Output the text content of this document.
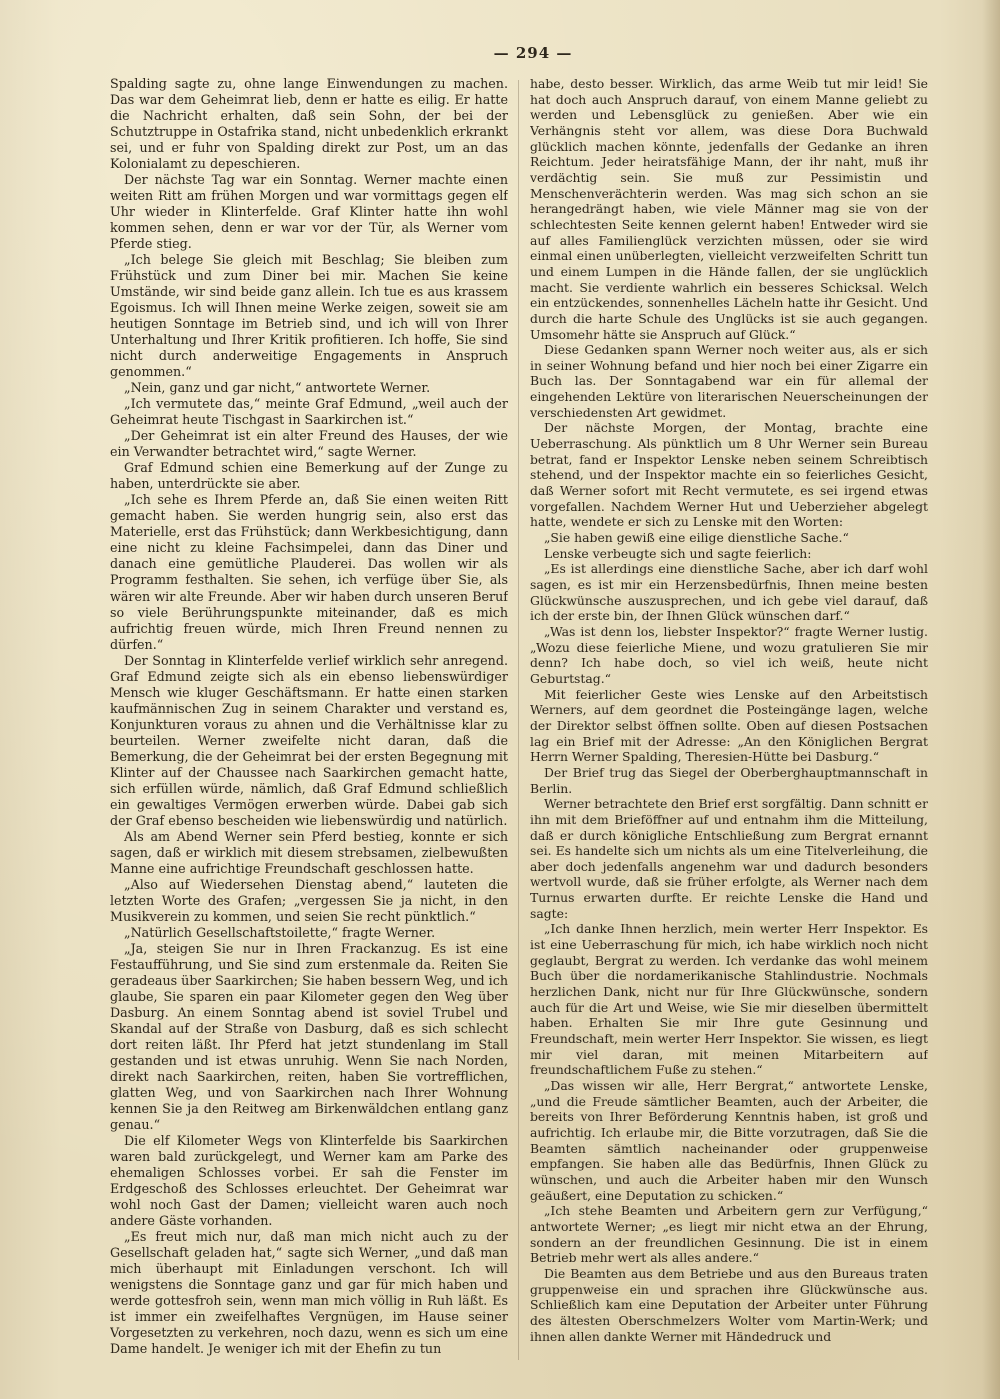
— 294 —

Spalding sagte zu, ohne lange Einwendungen zu machen. Das war dem Geheimrat lieb, denn er hatte es eilig. Er hatte die Nachricht erhalten, daß sein Sohn, der bei der Schutztruppe in Ostafrika stand, nicht unbedenklich erkrankt sei, und er fuhr von Spalding direkt zur Post, um an das Kolonialamt zu depeschieren.

Der nächste Tag war ein Sonntag. Werner machte einen weiten Ritt am frühen Morgen und war vormittags gegen elf Uhr wieder in Klinterfelde. Graf Klinter hatte ihn wohl kommen sehen, denn er war vor der Tür, als Werner vom Pferde stieg.

„Ich belege Sie gleich mit Beschlag; Sie bleiben zum Frühstück und zum Diner bei mir. Machen Sie keine Umstände, wir sind beide ganz allein. Ich tue es aus krassem Egoismus. Ich will Ihnen meine Werke zeigen, soweit sie am heutigen Sonntage im Betrieb sind, und ich will von Ihrer Unterhaltung und Ihrer Kritik profitieren. Ich hoffe, Sie sind nicht durch anderweitige Engagements in Anspruch genommen.“

„Nein, ganz und gar nicht,“ antwortete Werner.

„Ich vermutete das,“ meinte Graf Edmund, „weil auch der Geheimrat heute Tischgast in Saarkirchen ist.“

„Der Geheimrat ist ein alter Freund des Hauses, der wie ein Verwandter betrachtet wird,“ sagte Werner.

Graf Edmund schien eine Bemerkung auf der Zunge zu haben, unterdrückte sie aber.

„Ich sehe es Ihrem Pferde an, daß Sie einen weiten Ritt gemacht haben. Sie werden hungrig sein, also erst das Materielle, erst das Frühstück; dann Werkbesichtigung, dann eine nicht zu kleine Fachsimpelei, dann das Diner und danach eine gemütliche Plauderei. Das wollen wir als Programm festhalten. Sie sehen, ich verfüge über Sie, als wären wir alte Freunde. Aber wir haben durch unseren Beruf so viele Berührungspunkte miteinander, daß es mich aufrichtig freuen würde, mich Ihren Freund nennen zu dürfen.“

Der Sonntag in Klinterfelde verlief wirklich sehr anregend. Graf Edmund zeigte sich als ein ebenso liebenswürdiger Mensch wie kluger Geschäftsmann. Er hatte einen starken kaufmännischen Zug in seinem Charakter und verstand es, Konjunkturen voraus zu ahnen und die Verhältnisse klar zu beurteilen. Werner zweifelte nicht daran, daß die Bemerkung, die der Geheimrat bei der ersten Begegnung mit Klinter auf der Chaussee nach Saarkirchen gemacht hatte, sich erfüllen würde, nämlich, daß Graf Edmund schließlich ein gewaltiges Vermögen erwerben würde. Dabei gab sich der Graf ebenso bescheiden wie liebenswürdig und natürlich.

Als am Abend Werner sein Pferd bestieg, konnte er sich sagen, daß er wirklich mit diesem strebsamen, zielbewußten Manne eine aufrichtige Freundschaft geschlossen hatte.

„Also auf Wiedersehen Dienstag abend,“ lauteten die letzten Worte des Grafen; „vergessen Sie ja nicht, in den Musikverein zu kommen, und seien Sie recht pünktlich.“

„Natürlich Gesellschaftstoilette,“ fragte Werner.

„Ja, steigen Sie nur in Ihren Frackanzug. Es ist eine Festaufführung, und Sie sind zum erstenmale da. Reiten Sie geradeaus über Saarkirchen; Sie haben bessern Weg, und ich glaube, Sie sparen ein paar Kilometer gegen den Weg über Dasburg. An einem Sonntag abend ist soviel Trubel und Skandal auf der Straße von Dasburg, daß es sich schlecht dort reiten läßt. Ihr Pferd hat jetzt stundenlang im Stall gestanden und ist etwas unruhig. Wenn Sie nach Norden, direkt nach Saarkirchen, reiten, haben Sie vortrefflichen, glatten Weg, und von Saarkirchen nach Ihrer Wohnung kennen Sie ja den Reitweg am Birkenwäldchen entlang ganz genau.“

Die elf Kilometer Wegs von Klinterfelde bis Saarkirchen waren bald zurückgelegt, und Werner kam am Parke des ehemaligen Schlosses vorbei. Er sah die Fenster im Erdgeschoß des Schlosses erleuchtet. Der Geheimrat war wohl noch Gast der Damen; vielleicht waren auch noch andere Gäste vorhanden.

„Es freut mich nur, daß man mich nicht auch zu der Gesellschaft geladen hat,“ sagte sich Werner, „und daß man mich überhaupt mit Einladungen verschont. Ich will wenigstens die Sonntage ganz und gar für mich haben und werde gottesfroh sein, wenn man mich völlig in Ruh läßt. Es ist immer ein zweifelhaftes Vergnügen, im Hause seiner Vorgesetzten zu verkehren, noch dazu, wenn es sich um eine Dame handelt. Je weniger ich mit der Ehefin zu tun

habe, desto besser. Wirklich, das arme Weib tut mir leid! Sie hat doch auch Anspruch darauf, von einem Manne geliebt zu werden und Lebensglück zu genießen. Aber wie ein Verhängnis steht vor allem, was diese Dora Buchwald glücklich machen könnte, jedenfalls der Gedanke an ihren Reichtum. Jeder heiratsfähige Mann, der ihr naht, muß ihr verdächtig sein. Sie muß zur Pessimistin und Menschenverächterin werden. Was mag sich schon an sie herangedrängt haben, wie viele Männer mag sie von der schlechtesten Seite kennen gelernt haben! Entweder wird sie auf alles Familienglück verzichten müssen, oder sie wird einmal einen unüberlegten, vielleicht verzweifelten Schritt tun und einem Lumpen in die Hände fallen, der sie unglücklich macht. Sie verdiente wahrlich ein besseres Schicksal. Welch ein entzückendes, sonnenhelles Lächeln hatte ihr Gesicht. Und durch die harte Schule des Unglücks ist sie auch gegangen. Umsomehr hätte sie Anspruch auf Glück.“

Diese Gedanken spann Werner noch weiter aus, als er sich in seiner Wohnung befand und hier noch bei einer Zigarre ein Buch las. Der Sonntagabend war ein für allemal der eingehenden Lektüre von literarischen Neuerscheinungen der verschiedensten Art gewidmet.

Der nächste Morgen, der Montag, brachte eine Ueberraschung. Als pünktlich um 8 Uhr Werner sein Bureau betrat, fand er Inspektor Lenske neben seinem Schreibtisch stehend, und der Inspektor machte ein so feierliches Gesicht, daß Werner sofort mit Recht vermutete, es sei irgend etwas vorgefallen. Nachdem Werner Hut und Ueberzieher abgelegt hatte, wendete er sich zu Lenske mit den Worten:

„Sie haben gewiß eine eilige dienstliche Sache.“

Lenske verbeugte sich und sagte feierlich:

„Es ist allerdings eine dienstliche Sache, aber ich darf wohl sagen, es ist mir ein Herzensbedürfnis, Ihnen meine besten Glückwünsche auszusprechen, und ich gebe viel darauf, daß ich der erste bin, der Ihnen Glück wünschen darf.“

„Was ist denn los, liebster Inspektor?“ fragte Werner lustig. „Wozu diese feierliche Miene, und wozu gratulieren Sie mir denn? Ich habe doch, so viel ich weiß, heute nicht Geburtstag.“

Mit feierlicher Geste wies Lenske auf den Arbeitstisch Werners, auf dem geordnet die Posteingänge lagen, welche der Direktor selbst öffnen sollte. Oben auf diesen Postsachen lag ein Brief mit der Adresse: „An den Königlichen Bergrat Herrn Werner Spalding, Theresien-Hütte bei Dasburg.“

Der Brief trug das Siegel der Oberberghauptmannschaft in Berlin.

Werner betrachtete den Brief erst sorgfältig. Dann schnitt er ihn mit dem Brieföffner auf und entnahm ihm die Mitteilung, daß er durch königliche Entschließung zum Bergrat ernannt sei. Es handelte sich um nichts als um eine Titelverleihung, die aber doch jedenfalls angenehm war und dadurch besonders wertvoll wurde, daß sie früher erfolgte, als Werner nach dem Turnus erwarten durfte. Er reichte Lenske die Hand und sagte:

„Ich danke Ihnen herzlich, mein werter Herr Inspektor. Es ist eine Ueberraschung für mich, ich habe wirklich noch nicht geglaubt, Bergrat zu werden. Ich verdanke das wohl meinem Buch über die nordamerikanische Stahlindustrie. Nochmals herzlichen Dank, nicht nur für Ihre Glückwünsche, sondern auch für die Art und Weise, wie Sie mir dieselben übermittelt haben. Erhalten Sie mir Ihre gute Gesinnung und Freundschaft, mein werter Herr Inspektor. Sie wissen, es liegt mir viel daran, mit meinen Mitarbeitern auf freundschaftlichem Fuße zu stehen.“

„Das wissen wir alle, Herr Bergrat,“ antwortete Lenske, „und die Freude sämtlicher Beamten, auch der Arbeiter, die bereits von Ihrer Beförderung Kenntnis haben, ist groß und aufrichtig. Ich erlaube mir, die Bitte vorzutragen, daß Sie die Beamten sämtlich nacheinander oder gruppenweise empfangen. Sie haben alle das Bedürfnis, Ihnen Glück zu wünschen, und auch die Arbeiter haben mir den Wunsch geäußert, eine Deputation zu schicken.“

„Ich stehe Beamten und Arbeitern gern zur Verfügung,“ antwortete Werner; „es liegt mir nicht etwa an der Ehrung, sondern an der freundlichen Gesinnung. Die ist in einem Betrieb mehr wert als alles andere.“

Die Beamten aus dem Betriebe und aus den Bureaus traten gruppenweise ein und sprachen ihre Glückwünsche aus. Schließlich kam eine Deputation der Arbeiter unter Führung des ältesten Oberschmelzers Wolter vom Martin-Werk; und ihnen allen dankte Werner mit Händedruck und
